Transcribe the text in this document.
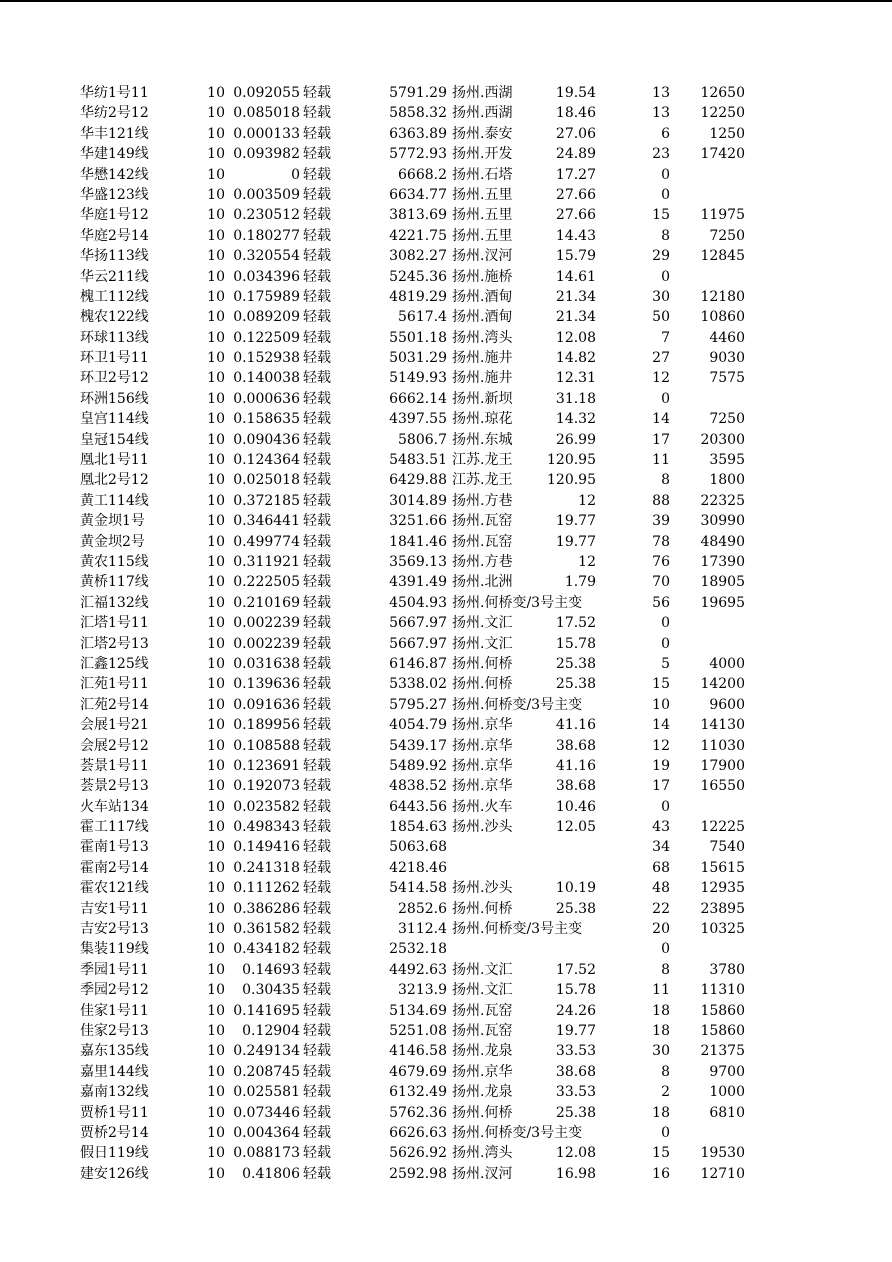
华纺1号11	10 0.092055 轻载	5791.29 扬州.西湖	19.54	13	12650
华纺2号12	10 0.085018 轻载	5858.32 扬州.西湖	18.46	13	12250
华丰121线	10 0.000133 轻载	6363.89 扬州.泰安	27.06	6	1250
华建149线	10 0.093982 轻载	5772.93 扬州.开发	24.89	23	17420
华懋142线	10	0 轻载	6668.2 扬州.石塔	17.27	0
华盛123线	10 0.003509 轻载	6634.77 扬州.五里	27.66	0
华庭1号12	10 0.230512 轻载	3813.69 扬州.五里	27.66	15	11975
华庭2号14	10 0.180277 轻载	4221.75 扬州.五里	14.43	8	7250
华扬113线	10 0.320554 轻载	3082.27 扬州.汊河	15.79	29	12845
华云211线	10 0.034396 轻载	5245.36 扬州.施桥	14.61	0
槐工112线	10 0.175989 轻载	4819.29 扬州.酒甸	21.34	30	12180
槐农122线	10 0.089209 轻载	5617.4 扬州.酒甸	21.34	50	10860
环球113线	10 0.122509 轻载	5501.18 扬州.湾头	12.08	7	4460
环卫1号11	10 0.152938 轻载	5031.29 扬州.施井	14.82	27	9030
环卫2号12	10 0.140038 轻载	5149.93 扬州.施井	12.31	12	7575
环洲156线	10 0.000636 轻载	6662.14 扬州.新坝	31.18	0
皇宫114线	10 0.158635 轻载	4397.55 扬州.琼花	14.32	14	7250
皇冠154线	10 0.090436 轻载	5806.7 扬州.东城	26.99	17	20300
凰北1号11	10 0.124364 轻载	5483.51 江苏.龙王	120.95	11	3595
凰北2号12	10 0.025018 轻载	6429.88 江苏.龙王	120.95	8	1800
黄工114线	10 0.372185 轻载	3014.89 扬州.方巷	12	88	22325
黄金坝1号	10 0.346441 轻载	3251.66 扬州.瓦窑	19.77	39	30990
黄金坝2号	10 0.499774 轻载	1841.46 扬州.瓦窑	19.77	78	48490
黄农115线	10 0.311921 轻载	3569.13 扬州.方巷	12	76	17390
黄桥117线	10 0.222505 轻载	4391.49 扬州.北洲	1.79	70	18905
汇福132线	10 0.210169 轻载	4504.93 扬州.何桥变/3号主变	56	19695
汇塔1号11	10 0.002239 轻载	5667.97 扬州.文汇	17.52	0
汇塔2号13	10 0.002239 轻载	5667.97 扬州.文汇	15.78	0
汇鑫125线	10 0.031638 轻载	6146.87 扬州.何桥	25.38	5	4000
汇苑1号11	10 0.139636 轻载	5338.02 扬州.何桥	25.38	15	14200
汇苑2号14	10 0.091636 轻载	5795.27 扬州.何桥变/3号主变	10	9600
会展1号21	10 0.189956 轻载	4054.79 扬州.京华	41.16	14	14130
会展2号12	10 0.108588 轻载	5439.17 扬州.京华	38.68	12	11030
荟景1号11	10 0.123691 轻载	5489.92 扬州.京华	41.16	19	17900
荟景2号13	10 0.192073 轻载	4838.52 扬州.京华	38.68	17	16550
火车站134	10 0.023582 轻载	6443.56 扬州.火车	10.46	0
霍工117线	10 0.498343 轻载	1854.63 扬州.沙头	12.05	43	12225
霍南1号13	10 0.149416 轻载	5063.68	34	7540
霍南2号14	10 0.241318 轻载	4218.46	68	15615
霍农121线	10 0.111262 轻载	5414.58 扬州.沙头	10.19	48	12935
吉安1号11	10 0.386286 轻载	2852.6 扬州.何桥	25.38	22	23895
吉安2号13	10 0.361582 轻载	3112.4 扬州.何桥变/3号主变	20	10325
集装119线	10 0.434182 轻载	2532.18	0
季园1号11	10	0.14693 轻载	4492.63 扬州.文汇	17.52	8	3780
季园2号12	10	0.30435 轻载	3213.9 扬州.文汇	15.78	11	11310
佳家1号11	10 0.141695 轻载	5134.69 扬州.瓦窑	24.26	18	15860
佳家2号13	10	0.12904 轻载	5251.08 扬州.瓦窑	19.77	18	15860
嘉东135线	10 0.249134 轻载	4146.58 扬州.龙泉	33.53	30	21375
嘉里144线	10 0.208745 轻载	4679.69 扬州.京华	38.68	8	9700
嘉南132线	10 0.025581 轻载	6132.49 扬州.龙泉	33.53	2	1000
贾桥1号11	10 0.073446 轻载	5762.36 扬州.何桥	25.38	18	6810
贾桥2号14	10 0.004364 轻载	6626.63 扬州.何桥变/3号主变	0
假日119线	10 0.088173 轻载	5626.92 扬州.湾头	12.08	15	19530
建安126线	10	0.41806 轻载	2592.98 扬州.汊河	16.98	16	12710
